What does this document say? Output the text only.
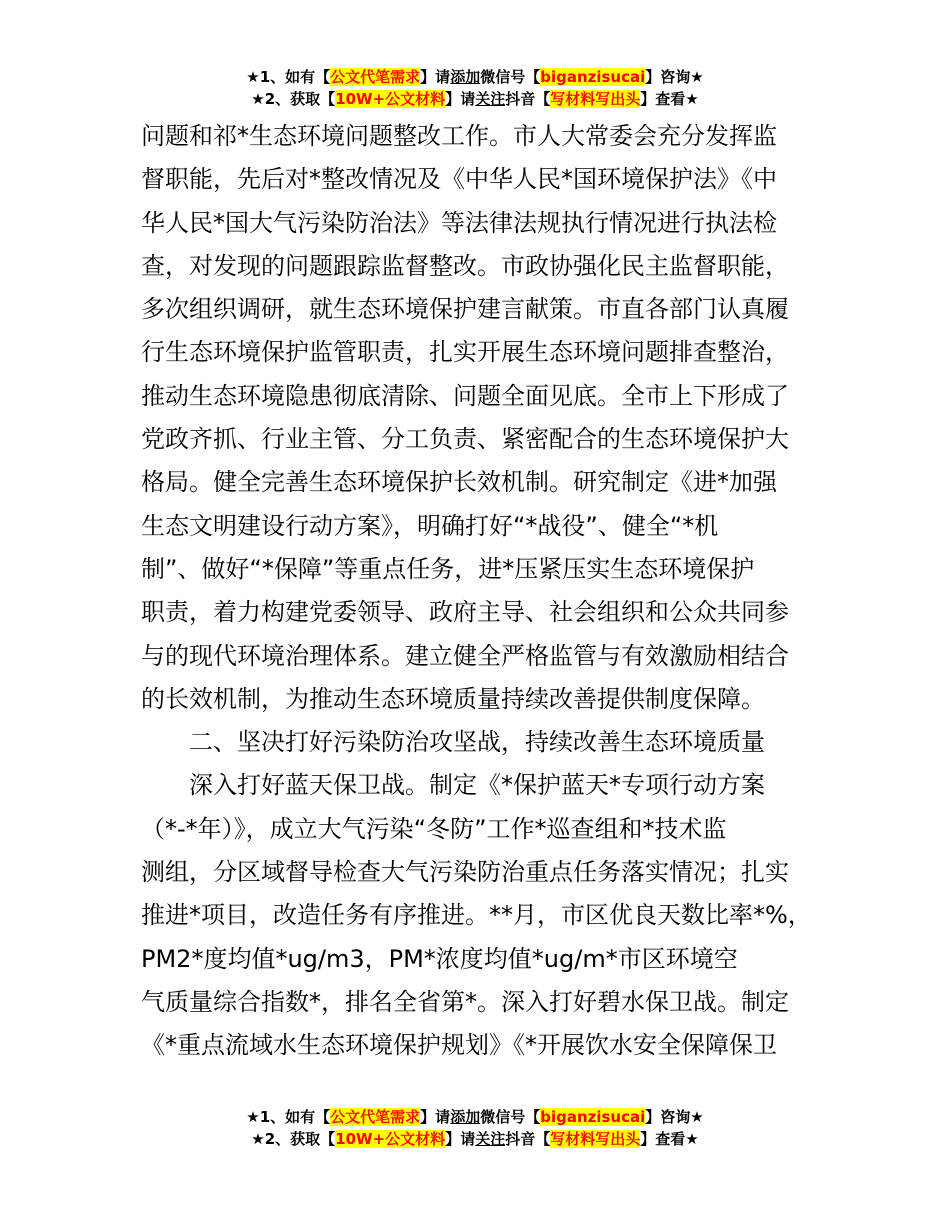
★1、如有【公文代笔需求】请添加微信号【biganzisucai】咨询★
★2、获取【10W+公文材料】请关注抖音【写材料写出头】查看★
问题和祁*生态环境问题整改工作。市人大常委会充分发挥监
督职能，先后对*整改情况及《中华人民*国环境保护法》《中
华人民*国大气污染防治法》等法律法规执行情况进行执法检
查，对发现的问题跟踪监督整改。市政协强化民主监督职能，
多次组织调研，就生态环境保护建言献策。市直各部门认真履
行生态环境保护监管职责，扎实开展生态环境问题排查整治，
推动生态环境隐患彻底清除、问题全面见底。全市上下形成了
党政齐抓、行业主管、分工负责、紧密配合的生态环境保护大
格局。健全完善生态环境保护长效机制。研究制定《进*加强
生态文明建设行动方案》，明确打好“*战役”、健全“*机
制”、做好“*保障”等重点任务，进*压紧压实生态环境保护
职责，着力构建党委领导、政府主导、社会组织和公众共同参
与的现代环境治理体系。建立健全严格监管与有效激励相结合
的长效机制，为推动生态环境质量持续改善提供制度保障。
二、坚决打好污染防治攻坚战，持续改善生态环境质量
深入打好蓝天保卫战。制定《*保护蓝天*专项行动方案
（*-*年）》，成立大气污染“冬防”工作*巡查组和*技术监
测组，分区域督导检查大气污染防治重点任务落实情况；扎实
推进*项目，改造任务有序推进。**月，市区优良天数比率*%，
PM2*度均值*ug/m3，PM*浓度均值*ug/m*市区环境空
气质量综合指数*，排名全省第*。深入打好碧水保卫战。制定
《*重点流域水生态环境保护规划》《*开展饮水安全保障保卫
★1、如有【公文代笔需求】请添加微信号【biganzisucai】咨询★
★2、获取【10W+公文材料】请关注抖音【写材料写出头】查看★
